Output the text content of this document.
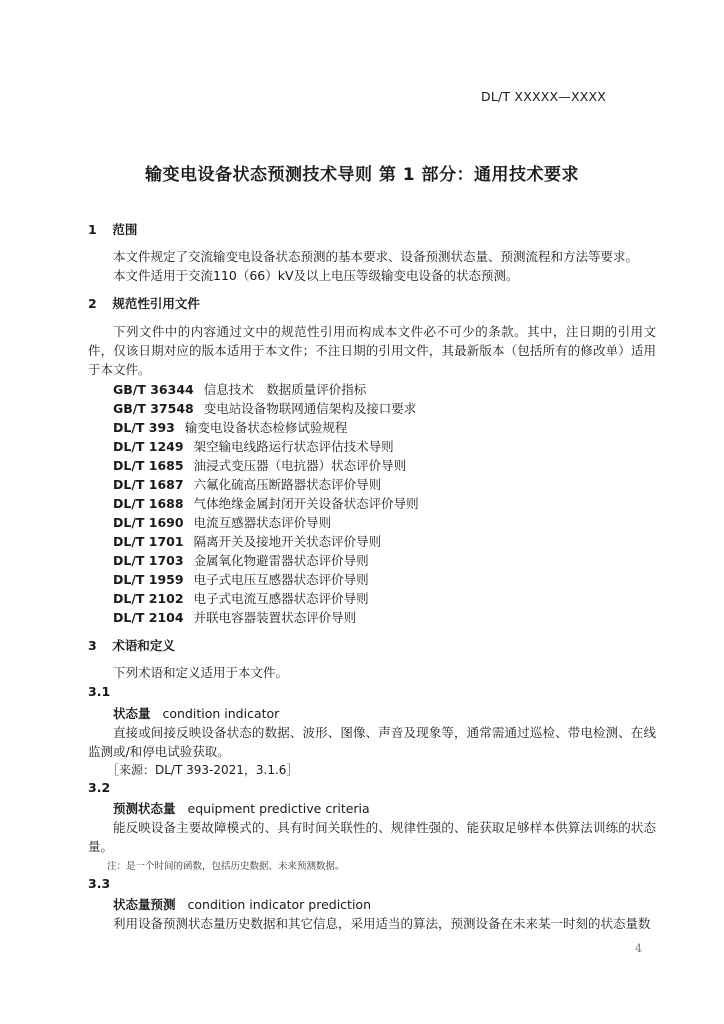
DL/T XXXXX—XXXX
输变电设备状态预测技术导则 第 1 部分：通用技术要求
1 范围
本文件规定了交流输变电设备状态预测的基本要求、设备预测状态量、预测流程和方法等要求。
本文件适用于交流110（66）kV及以上电压等级输变电设备的状态预测。
2 规范性引用文件
下列文件中的内容通过文中的规范性引用而构成本文件必不可少的条款。其中，注日期的引用文件，仅该日期对应的版本适用于本文件；不注日期的引用文件，其最新版本（包括所有的修改单）适用于本文件。
GB/T 36344 信息技术　数据质量评价指标
GB/T 37548 变电站设备物联网通信架构及接口要求
DL/T 393 输变电设备状态检修试验规程
DL/T 1249 架空输电线路运行状态评估技术导则
DL/T 1685 油浸式变压器（电抗器）状态评价导则
DL/T 1687 六氟化硫高压断路器状态评价导则
DL/T 1688 气体绝缘金属封闭开关设备状态评价导则
DL/T 1690 电流互感器状态评价导则
DL/T 1701 隔离开关及接地开关状态评价导则
DL/T 1703 金属氧化物避雷器状态评价导则
DL/T 1959 电子式电压互感器状态评价导则
DL/T 2102 电子式电流互感器状态评价导则
DL/T 2104 并联电容器装置状态评价导则
3 术语和定义
下列术语和定义适用于本文件。
3.1
状态量 condition indicator
直接或间接反映设备状态的数据、波形、图像、声音及现象等，通常需通过巡检、带电检测、在线监测或/和停电试验获取。
［来源：DL/T 393-2021，3.1.6］
3.2
预测状态量 equipment predictive criteria
能反映设备主要故障模式的、具有时间关联性的、规律性强的、能获取足够样本供算法训练的状态量。
注：是一个时间的函数，包括历史数据、未来预测数据。
3.3
状态量预测 condition indicator prediction
利用设备预测状态量历史数据和其它信息，采用适当的算法，预测设备在未来某一时刻的状态量数
4
